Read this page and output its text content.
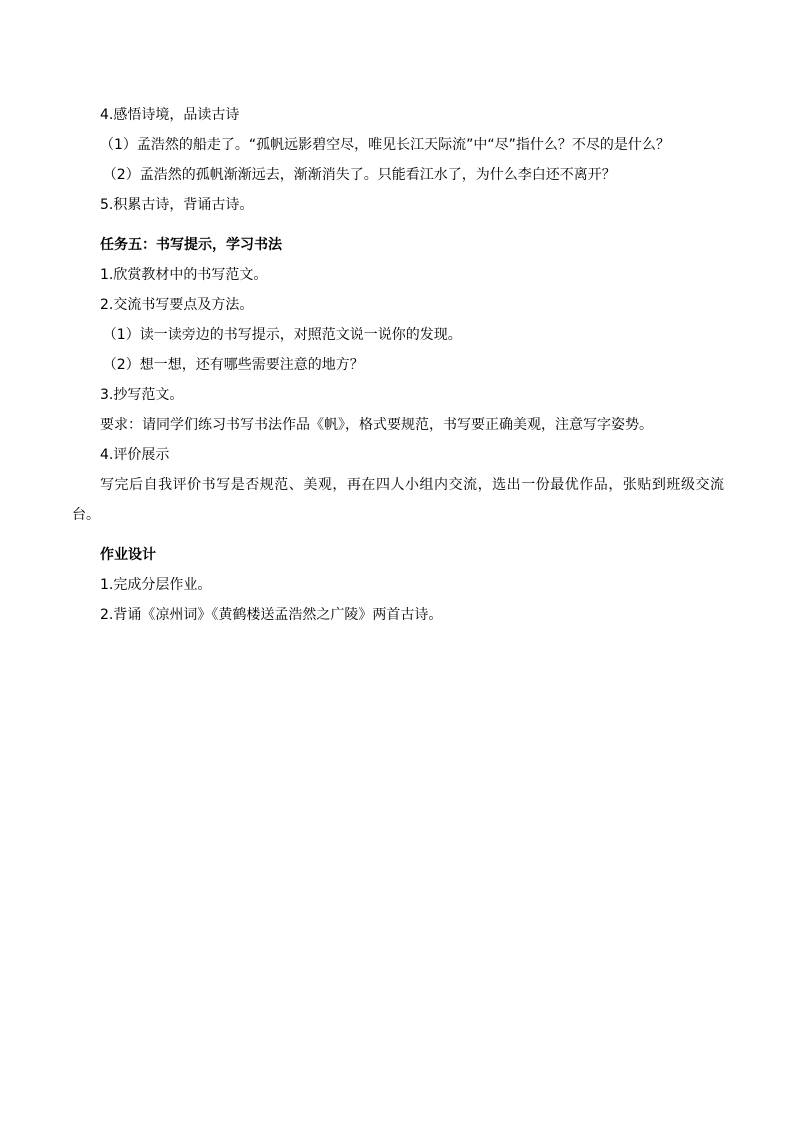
4.感悟诗境，品读古诗

（1）孟浩然的船走了。“孤帆远影碧空尽，唯见长江天际流”中“尽”指什么？不尽的是什么？

（2）孟浩然的孤帆渐渐远去，渐渐消失了。只能看江水了，为什么李白还不离开？

5.积累古诗，背诵古诗。

任务五：书写提示，学习书法

1.欣赏教材中的书写范文。

2.交流书写要点及方法。

（1）读一读旁边的书写提示，对照范文说一说你的发现。

（2）想一想，还有哪些需要注意的地方？

3.抄写范文。

要求：请同学们练习书写书法作品《帆》，格式要规范，书写要正确美观，注意写字姿势。

4.评价展示

写完后自我评价书写是否规范、美观，再在四人小组内交流，选出一份最优作品，张贴到班级交流台。

作业设计

1.完成分层作业。

2.背诵《凉州词》《黄鹤楼送孟浩然之广陵》两首古诗。
